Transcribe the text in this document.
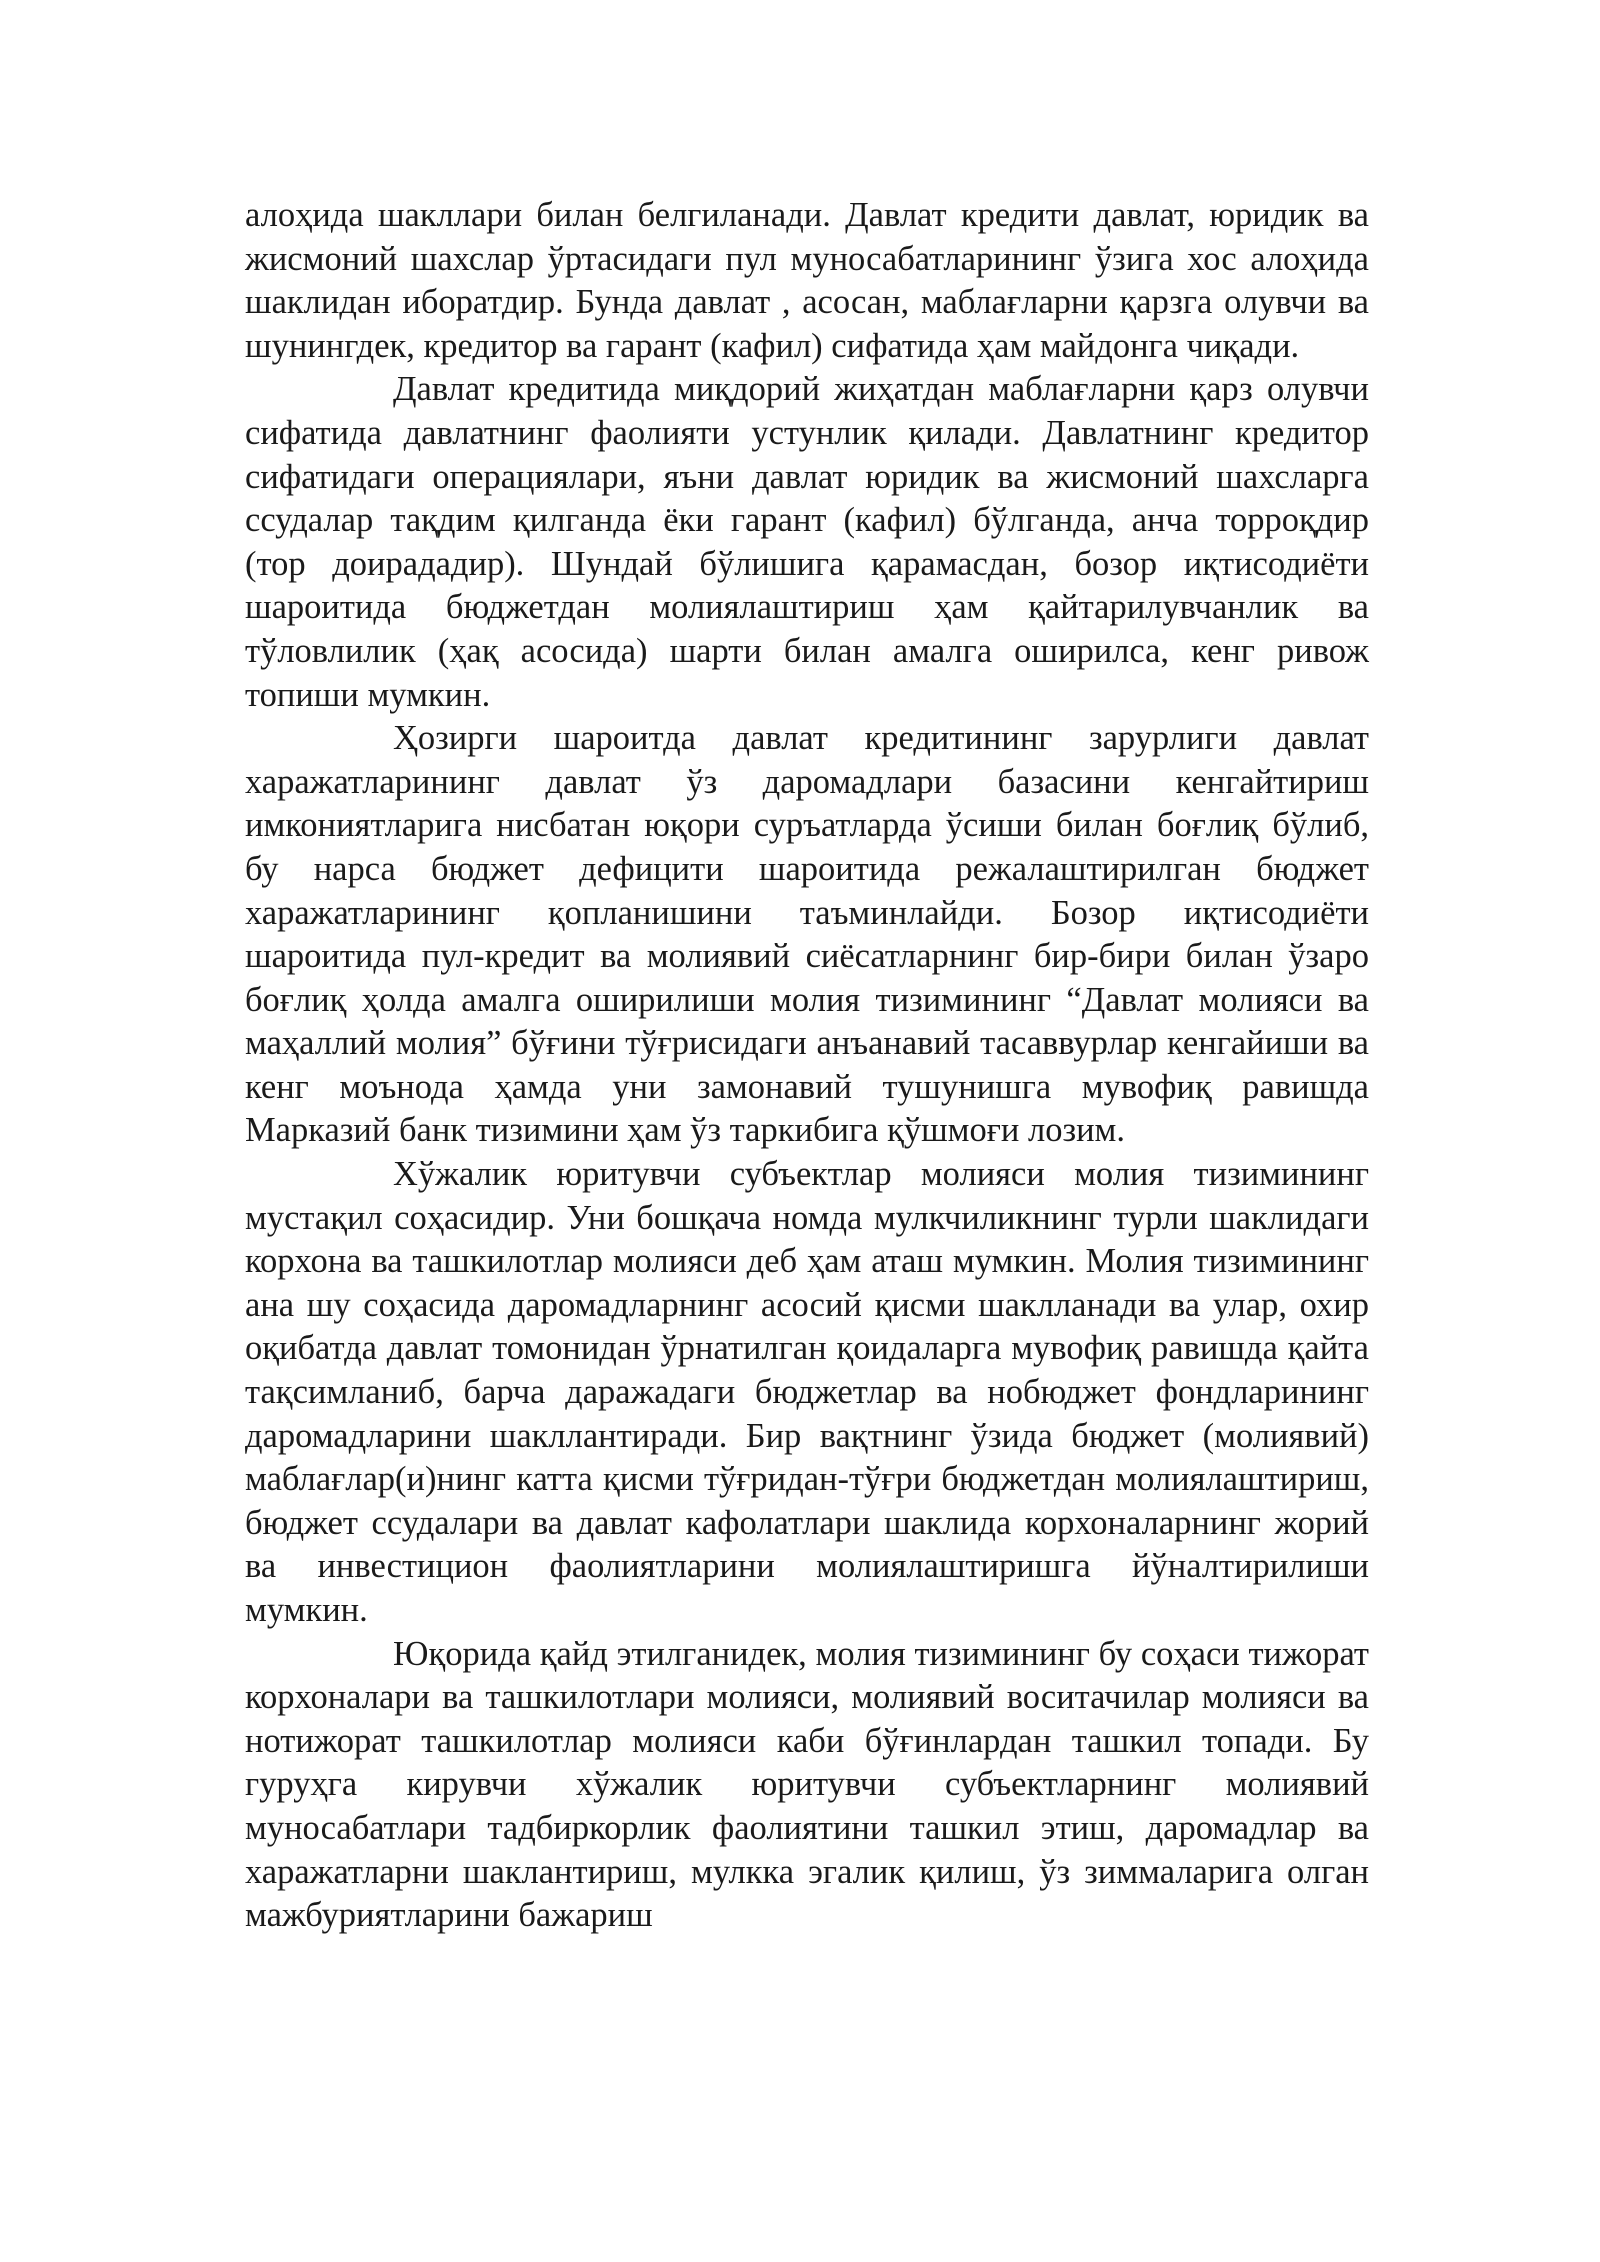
алоҳида шакллари билан белгиланади. Давлат кредити давлат, юридик ва жисмоний шахслар ўртасидаги пул муносабатларининг ўзига хос алоҳида шаклидан иборатдир. Бунда давлат , асосан, маблағларни қарзга олувчи ва шунингдек, кредитор ва гарант (кафил) сифатида ҳам майдонга чиқади.

Давлат кредитида миқдорий жиҳатдан маблағларни қарз олувчи сифатида давлатнинг фаолияти устунлик қилади. Давлатнинг кредитор сифатидаги операциялари, яъни давлат юридик ва жисмоний шахсларга ссудалар тақдим қилганда ёки гарант (кафил) бўлганда, анча торроқдир (тор доирададир). Шундай бўлишига қарамасдан, бозор иқтисодиёти шароитида бюджетдан молиялаштириш ҳам қайтарилувчанлик ва тўловлилик (ҳақ асосида) шарти билан амалга оширилса, кенг ривож топиши мумкин.

Ҳозирги шароитда давлат кредитининг зарурлиги давлат харажатларининг давлат ўз даромадлари базасини кенгайтириш имкониятларига нисбатан юқори суръатларда ўсиши билан боғлиқ бўлиб, бу нарса бюджет дефицити шароитида режалаштирилган бюджет харажатларининг қопланишини таъминлайди. Бозор иқтисодиёти шароитида пул-кредит ва молиявий сиёсатларнинг бир-бири билан ўзаро боғлиқ ҳолда амалга оширилиши молия тизимининг “Давлат молияси ва маҳаллий молия” бўғини тўғрисидаги анъанавий тасаввурлар кенгайиши ва кенг моънода ҳамда уни замонавий тушунишга мувофиқ равишда Марказий банк тизимини ҳам ўз таркибига қўшмоғи лозим.

Хўжалик юритувчи субъектлар молияси молия тизимининг мустақил соҳасидир. Уни бошқача номда мулкчиликнинг турли шаклидаги корхона ва ташкилотлар молияси деб ҳам аташ мумкин. Молия тизимининг ана шу соҳасида даромадларнинг асосий қисми шаклланади ва улар, охир оқибатда давлат томонидан ўрнатилган қоидаларга мувофиқ равишда қайта тақсимланиб, барча даражадаги бюджетлар ва нобюджет фондларининг даромадларини шакллантиради. Бир вақтнинг ўзида бюджет (молиявий) маблағлар(и)нинг катта қисми тўғридан-тўғри бюджетдан молиялаштириш, бюджет ссудалари ва давлат кафолатлари шаклида корхоналарнинг жорий ва инвестицион фаолиятларини молиялаштиришга йўналтирилиши мумкин.

Юқорида қайд этилганидек, молия тизимининг бу соҳаси тижорат корхоналари ва ташкилотлари молияси, молиявий воситачилар молияси ва нотижорат ташкилотлар молияси каби бўғинлардан ташкил топади. Бу гуруҳга кирувчи хўжалик юритувчи субъектларнинг молиявий муносабатлари тадбиркорлик фаолиятини ташкил этиш, даромадлар ва харажатларни шаклантириш, мулкка эгалик қилиш, ўз зиммаларига олган мажбуриятларини бажариш
